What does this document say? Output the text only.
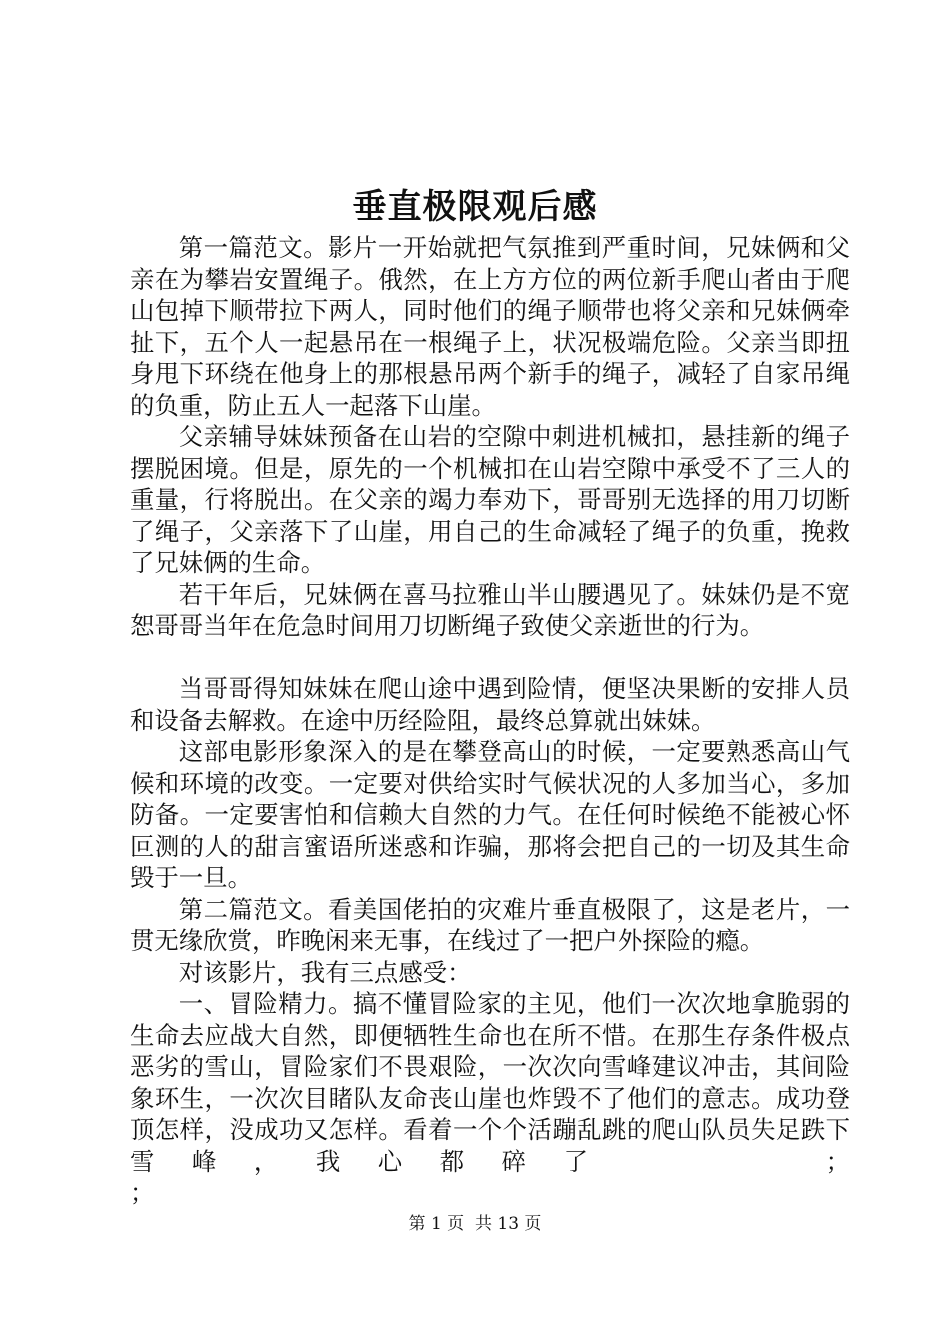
垂直极限观后感

第一篇范文。影片一开始就把气氛推到严重时间，兄妹俩和父亲在为攀岩安置绳子。俄然，在上方方位的两位新手爬山者由于爬山包掉下顺带拉下两人，同时他们的绳子顺带也将父亲和兄妹俩牵扯下，五个人一起悬吊在一根绳子上，状况极端危险。父亲当即扭身甩下环绕在他身上的那根悬吊两个新手的绳子，减轻了自家吊绳的负重，防止五人一起落下山崖。

父亲辅导妹妹预备在山岩的空隙中刺进机械扣，悬挂新的绳子摆脱困境。但是，原先的一个机械扣在山岩空隙中承受不了三人的重量，行将脱出。在父亲的竭力奉劝下，哥哥别无选择的用刀切断了绳子，父亲落下了山崖，用自己的生命减轻了绳子的负重，挽救了兄妹俩的生命。

若干年后，兄妹俩在喜马拉雅山半山腰遇见了。妹妹仍是不宽恕哥哥当年在危急时间用刀切断绳子致使父亲逝世的行为。

当哥哥得知妹妹在爬山途中遇到险情，便坚决果断的安排人员和设备去解救。在途中历经险阻，最终总算就出妹妹。

这部电影形象深入的是在攀登高山的时候，一定要熟悉高山气候和环境的改变。一定要对供给实时气候状况的人多加当心，多加防备。一定要害怕和信赖大自然的力气。在任何时候绝不能被心怀叵测的人的甜言蜜语所迷惑和诈骗，那将会把自己的一切及其生命毁于一旦。

第二篇范文。看美国佬拍的灾难片垂直极限了，这是老片，一贯无缘欣赏，昨晚闲来无事，在线过了一把户外探险的瘾。

对该影片，我有三点感受：

一、冒险精力。搞不懂冒险家的主见，他们一次次地拿脆弱的生命去应战大自然，即便牺牲生命也在所不惜。在那生存条件极点恶劣的雪山，冒险家们不畏艰险，一次次向雪峰建议冲击，其间险象环生，一次次目睹队友命丧山崖也炸毁不了他们的意志。成功登顶怎样，没成功又怎样。看着一个个活蹦乱跳的爬山队员失足跌下雪峰，我心都碎了	；

；

第 1 页 共 13 页
